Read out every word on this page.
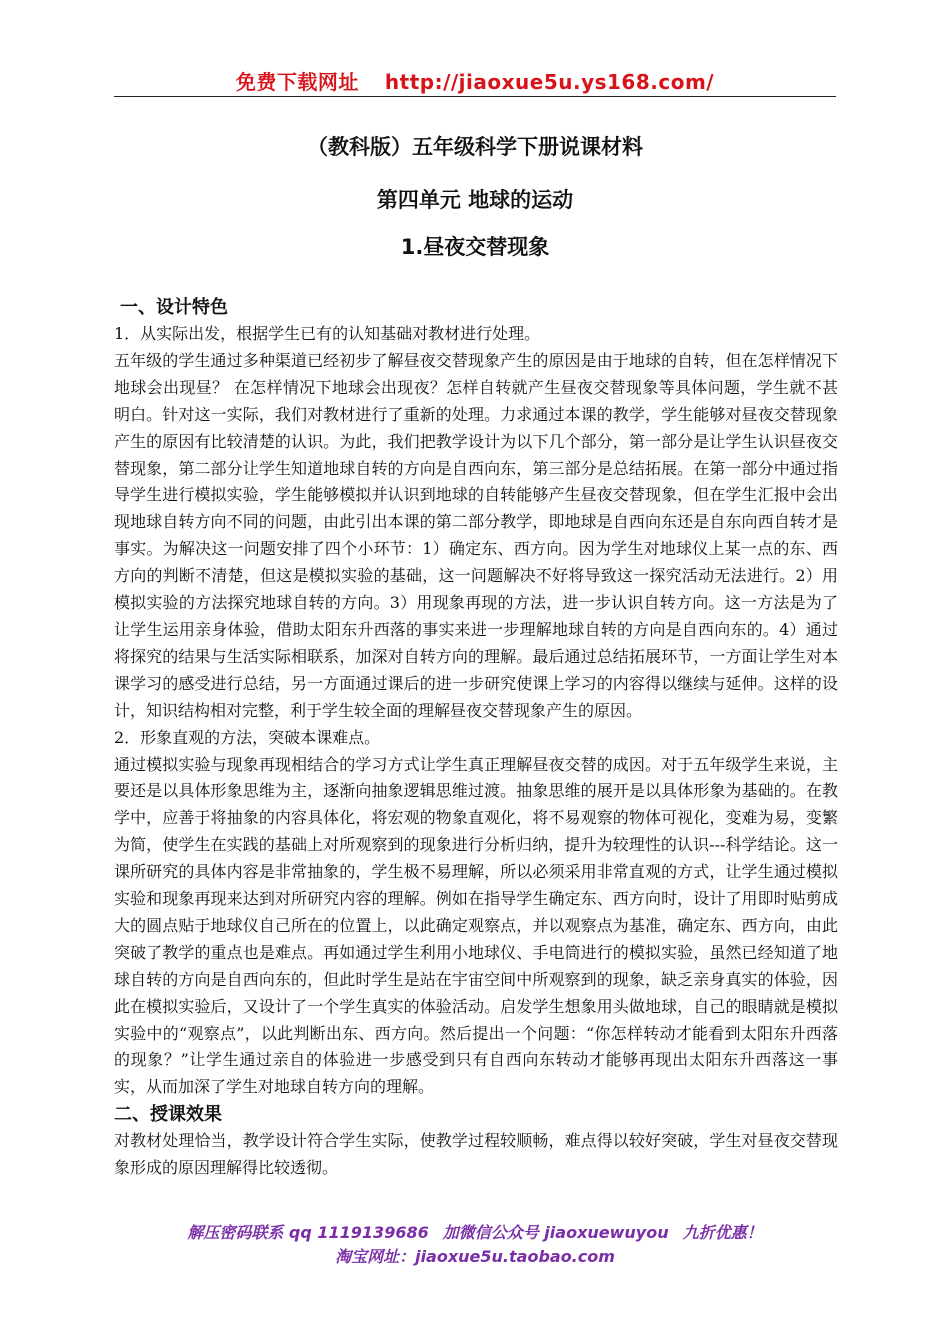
免费下载网址 http://jiaoxue5u.ys168.com/
（教科版）五年级科学下册说课材料
第四单元 地球的运动
1.昼夜交替现象
一、设计特色

1．从实际出发，根据学生已有的认知基础对教材进行处理。

五年级的学生通过多种渠道已经初步了解昼夜交替现象产生的原因是由于地球的自转，但在怎样情况下地球会出现昼？ 在怎样情况下地球会出现夜？怎样自转就产生昼夜交替现象等具体问题，学生就不甚明白。针对这一实际，我们对教材进行了重新的处理。力求通过本课的教学，学生能够对昼夜交替现象产生的原因有比较清楚的认识。为此，我们把教学设计为以下几个部分，第一部分是让学生认识昼夜交替现象，第二部分让学生知道地球自转的方向是自西向东，第三部分是总结拓展。在第一部分中通过指导学生进行模拟实验，学生能够模拟并认识到地球的自转能够产生昼夜交替现象，但在学生汇报中会出现地球自转方向不同的问题，由此引出本课的第二部分教学，即地球是自西向东还是自东向西自转才是事实。为解决这一问题安排了四个小环节：1）确定东、西方向。因为学生对地球仪上某一点的东、西方向的判断不清楚，但这是模拟实验的基础，这一问题解决不好将导致这一探究活动无法进行。2）用模拟实验的方法探究地球自转的方向。3）用现象再现的方法，进一步认识自转方向。这一方法是为了让学生运用亲身体验，借助太阳东升西落的事实来进一步理解地球自转的方向是自西向东的。4）通过将探究的结果与生活实际相联系，加深对自转方向的理解。最后通过总结拓展环节，一方面让学生对本课学习的感受进行总结，另一方面通过课后的进一步研究使课上学习的内容得以继续与延伸。这样的设计，知识结构相对完整，利于学生较全面的理解昼夜交替现象产生的原因。

2．形象直观的方法，突破本课难点。

通过模拟实验与现象再现相结合的学习方式让学生真正理解昼夜交替的成因。对于五年级学生来说，主要还是以具体形象思维为主，逐渐向抽象逻辑思维过渡。抽象思维的展开是以具体形象为基础的。在教学中，应善于将抽象的内容具体化，将宏观的物象直观化，将不易观察的物体可视化，变难为易，变繁为简，使学生在实践的基础上对所观察到的现象进行分析归纳，提升为较理性的认识---科学结论。这一课所研究的具体内容是非常抽象的，学生极不易理解，所以必须采用非常直观的方式，让学生通过模拟实验和现象再现来达到对所研究内容的理解。例如在指导学生确定东、西方向时，设计了用即时贴剪成大的圆点贴于地球仪自己所在的位置上，以此确定观察点，并以观察点为基准，确定东、西方向，由此突破了教学的重点也是难点。再如通过学生利用小地球仪、手电筒进行的模拟实验，虽然已经知道了地球自转的方向是自西向东的，但此时学生是站在宇宙空间中所观察到的现象，缺乏亲身真实的体验，因此在模拟实验后，又设计了一个学生真实的体验活动。启发学生想象用头做地球，自己的眼睛就是模拟实验中的“观察点”，以此判断出东、西方向。然后提出一个问题：“你怎样转动才能看到太阳东升西落的现象？”让学生通过亲自的体验进一步感受到只有自西向东转动才能够再现出太阳东升西落这一事实，从而加深了学生对地球自转方向的理解。

二、授课效果

对教材处理恰当，教学设计符合学生实际，使教学过程较顺畅，难点得以较好突破，学生对昼夜交替现象形成的原因理解得比较透彻。

解压密码联系 qq 1119139686 加微信公众号 jiaoxuewuyou 九折优惠！
淘宝网址：jiaoxue5u.taobao.com
